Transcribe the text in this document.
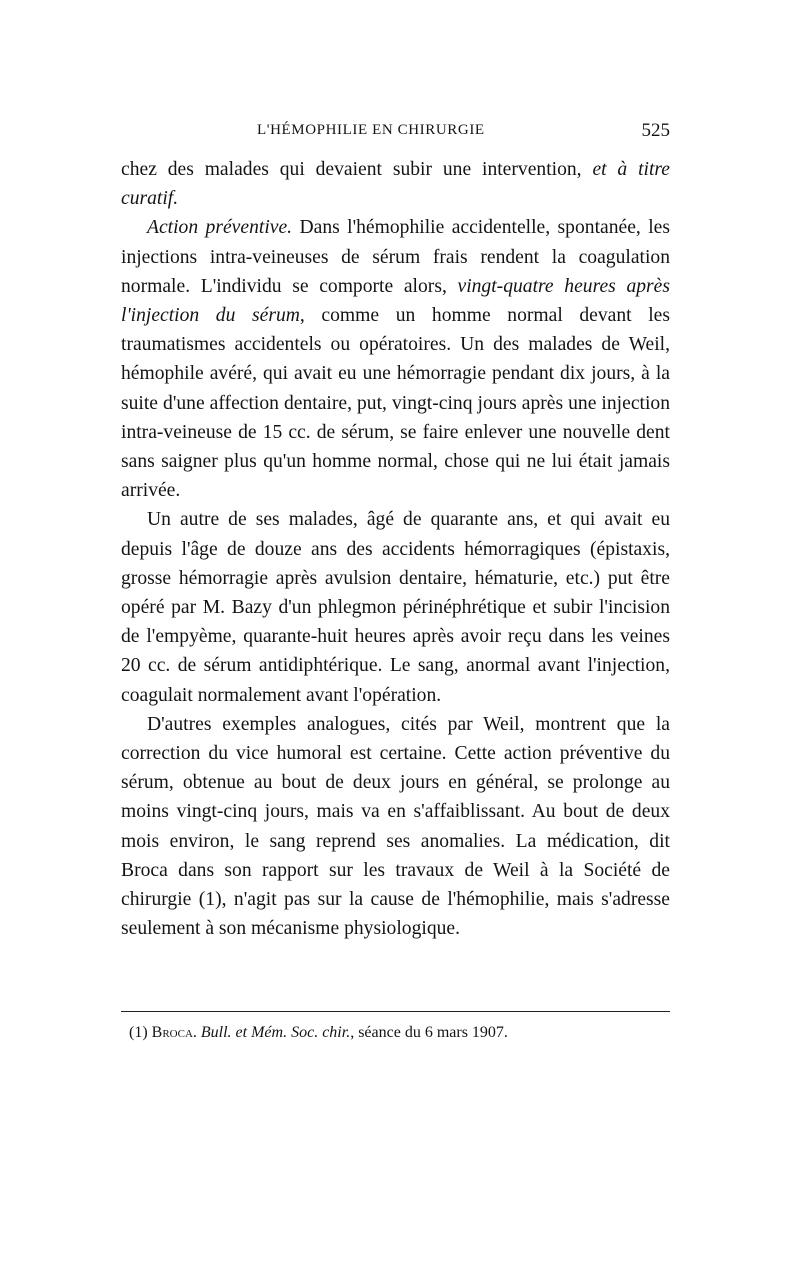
L'HÉMOPHILIE EN CHIRURGIE	525

chez des malades qui devaient subir une intervention, et à titre curatif.

Action préventive. Dans l'hémophilie accidentelle, spontanée, les injections intra-veineuses de sérum frais rendent la coagulation normale. L'individu se comporte alors, vingt-quatre heures après l'injection du sérum, comme un homme normal devant les traumatismes accidentels ou opératoires. Un des malades de Weil, hémophile avéré, qui avait eu une hémorragie pendant dix jours, à la suite d'une affection dentaire, put, vingt-cinq jours après une injection intra-veineuse de 15 cc. de sérum, se faire enlever une nouvelle dent sans saigner plus qu'un homme normal, chose qui ne lui était jamais arrivée.

Un autre de ses malades, âgé de quarante ans, et qui avait eu depuis l'âge de douze ans des accidents hémorragiques (épistaxis, grosse hémorragie après avulsion dentaire, hématurie, etc.) put être opéré par M. Bazy d'un phlegmon périnéphrétique et subir l'incision de l'empyème, quarante-huit heures après avoir reçu dans les veines 20 cc. de sérum antidiphtérique. Le sang, anormal avant l'injection, coagulait normalement avant l'opération.

D'autres exemples analogues, cités par Weil, montrent que la correction du vice humoral est certaine. Cette action préventive du sérum, obtenue au bout de deux jours en général, se prolonge au moins vingt-cinq jours, mais va en s'affaiblissant. Au bout de deux mois environ, le sang reprend ses anomalies. La médication, dit Broca dans son rapport sur les travaux de Weil à la Société de chirurgie (1), n'agit pas sur la cause de l'hémophilie, mais s'adresse seulement à son mécanisme physiologique.

(1) Broca. Bull. et Mém. Soc. chir., séance du 6 mars 1907.
